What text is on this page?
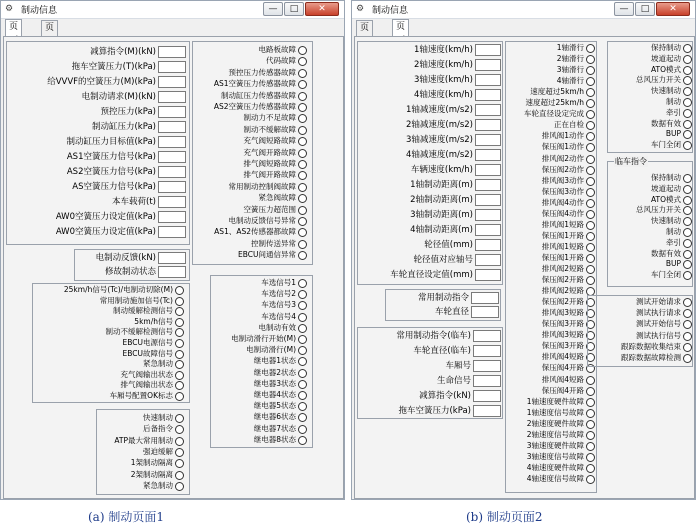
⚙ 制动信息	—	□	✕
页	页
减算指令(M)(kN)
拖车空簧压力(T)(kPa)
给VVVF的空簧压力(M)(kPa)
电制动请求(M)(kN)
预控压力(kPa)
制动缸压力(kPa)
制动缸压力目标值(kPa)
AS1空簧压力信号(kPa)
AS2空簧压力信号(kPa)
AS空簧压力信号(kPa)
本车载荷(t)
AW0空簧压力设定值(kPa)
AW0空簧压力设定值(kPa)
电制动反馈(kN)
修故制动状态
电路板故障
代码故障
预控压力传感器故障
AS1空簧压力传感器故障
制动缸压力传感器故障
AS2空簧压力传感器故障
制动力不足故障
制动不缓解故障
充气阀短路故障
充气阀开路故障
排气阀短路故障
排气阀开路故障
常用制动控制阀故障
紧急阀故障
空簧压力超范围
电制动反馈信号异常
AS1、AS2传感器都故障
控制传送异常
EBCU间通信异常
25km/h信号(Tc)/电制动切除(M)
常用制动施加信号(Tc)
制动缓解检测信号
5km/h信号
制动不缓解检测信号
EBCU电源信号
EBCU故障信号
紧急制动
充气阀输出状态
排气阀输出状态
车厢号配置OK标志
车选信号1
车选信号2
车选信号3
车选信号4
电制动有效
电制动滑行开始(M)
电制动滑行(M)
继电器1状态
继电器2状态
继电器3状态
继电器4状态
继电器5状态
继电器6状态
继电器7状态
继电器8状态
快速制动
后备指令
ATP最大常用制动
强迫缓解
1架制动隔离
2架制动隔离
紧急制动
⚙ 制动信息	—	□	✕
页	页
1轴速度(km/h)
2轴速度(km/h)
3轴速度(km/h)
4轴速度(km/h)
1轴减速度(m/s2)
2轴减速度(m/s2)
3轴减速度(m/s2)
4轴减速度(m/s2)
车辆速度(km/h)
1轴制动距离(m)
2轴制动距离(m)
3轴制动距离(m)
4轴制动距离(m)
轮径值(mm)
轮径值对应轴号
车轮直径设定值(mm)
常用制动指令
车轮直径
常用制动指令(临车)
车轮直径(临车)
车厢号
生命信号
减算指令(kN)
拖车空簧压力(kPa)
1轴滑行
2轴滑行
3轴滑行
4轴滑行
速度超过5km/h
速度超过25km/h
车轮直径设定完成
正在自检
排风阀1动作
保压阀1动作
排风阀2动作
保压阀2动作
排风阀3动作
保压阀3动作
排风阀4动作
保压阀4动作
排风阀1短路
保压阀1开路
排风阀1短路
保压阀1开路
排风阀2短路
保压阀2开路
排风阀2短路
保压阀2开路
排风阀3短路
保压阀3开路
排风阀3短路
保压阀3开路
排风阀4短路
保压阀4开路
排风阀4短路
保压阀4开路
1轴速度硬件故障
1轴速度信号故障
2轴速度硬件故障
2轴速度信号故障
3轴速度硬件故障
3轴速度信号故障
4轴速度硬件故障
4轴速度信号故障
保持制动
坡道起动
ATO模式
总风压力开关
快速制动
制动
牵引
数据有效
BUP
车门全闭
临车指令
保持制动
坡道起动
ATO模式
总风压力开关
快速制动
制动
牵引
数据有效
BUP
车门全闭
测试开始请求
测试执行请求
测试开始信号
测试执行信号
跟踪数据收集结束
跟踪数据故障检测
(a) 制动页面1	(b) 制动页面2
